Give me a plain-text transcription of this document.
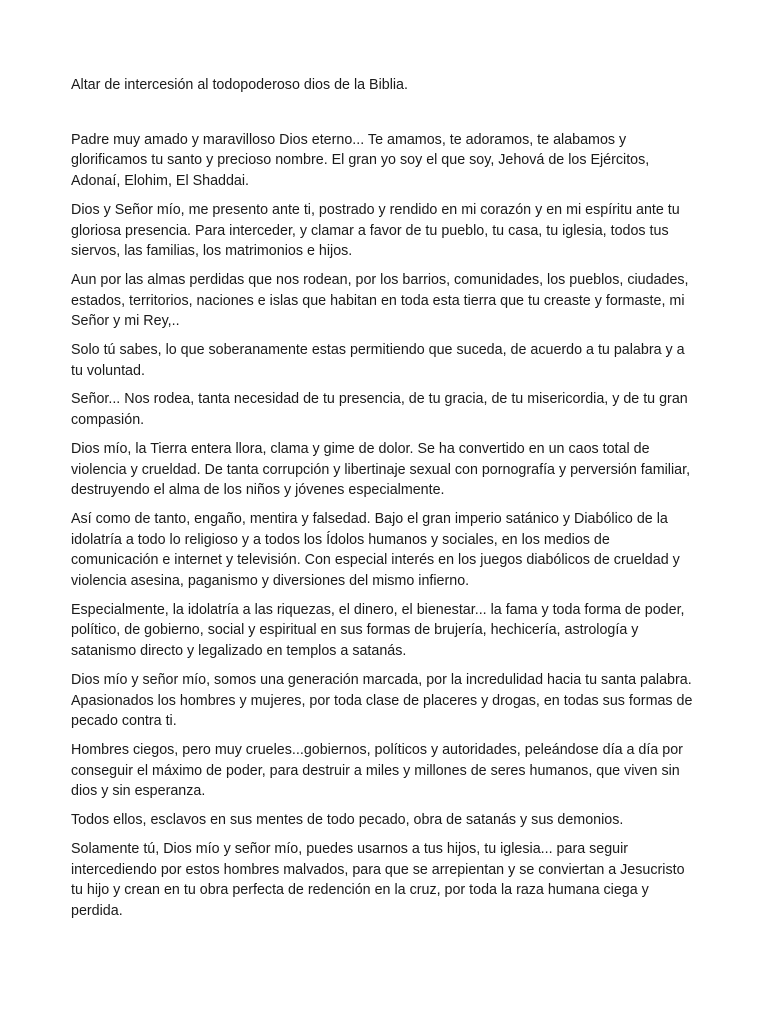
Altar de intercesión al todopoderoso dios de la Biblia.

Padre muy amado y maravilloso Dios eterno... Te amamos, te adoramos, te alabamos y glorificamos tu santo y precioso nombre. El gran yo soy el que soy, Jehová de los Ejércitos, Adonaí, Elohim, El Shaddai.

Dios y Señor mío, me presento ante ti, postrado y rendido en mi corazón y en mi espíritu ante tu gloriosa presencia. Para interceder, y clamar a favor de tu pueblo, tu casa, tu iglesia, todos tus siervos, las familias, los matrimonios e hijos.

Aun por las almas perdidas que nos rodean, por los barrios, comunidades, los pueblos, ciudades, estados, territorios, naciones e islas que habitan en toda esta tierra que tu creaste y formaste, mi Señor y mi Rey,..

Solo tú sabes, lo que soberanamente estas permitiendo que suceda, de acuerdo a tu palabra y a tu voluntad.

Señor... Nos rodea, tanta necesidad de tu presencia, de tu gracia, de tu misericordia, y de tu gran compasión.

Dios mío, la Tierra entera llora, clama y gime de dolor. Se ha convertido en un caos total de violencia y crueldad. De tanta corrupción y libertinaje sexual con pornografía y perversión familiar, destruyendo el alma de los niños y jóvenes especialmente.

Así como de tanto, engaño, mentira y falsedad. Bajo el gran imperio satánico y Diabólico de la idolatría a todo lo religioso y a todos los Ídolos humanos y sociales, en los medios de comunicación e internet y televisión. Con especial interés en los juegos diabólicos de crueldad y violencia asesina, paganismo y diversiones del mismo infierno.

Especialmente, la idolatría a las riquezas, el dinero, el bienestar... la fama y toda forma de poder, político, de gobierno, social y espiritual en sus formas de brujería, hechicería, astrología y satanismo directo y legalizado en templos a satanás.

Dios mío y señor mío, somos una generación marcada, por la incredulidad hacia tu santa palabra. Apasionados los hombres y mujeres, por toda clase de placeres y drogas, en todas sus formas de pecado contra ti.

Hombres ciegos, pero muy crueles...gobiernos, políticos y autoridades, peleándose día a día por conseguir el máximo de poder, para destruir a miles y millones de seres humanos, que viven sin dios y sin esperanza.

Todos ellos, esclavos en sus mentes de todo pecado, obra de satanás y sus demonios.

Solamente tú, Dios mío y señor mío, puedes usarnos a tus hijos, tu iglesia... para seguir intercediendo por estos hombres malvados, para que se arrepientan y se conviertan a Jesucristo tu hijo y crean en tu obra perfecta de redención en la cruz, por toda la raza humana ciega y perdida.
